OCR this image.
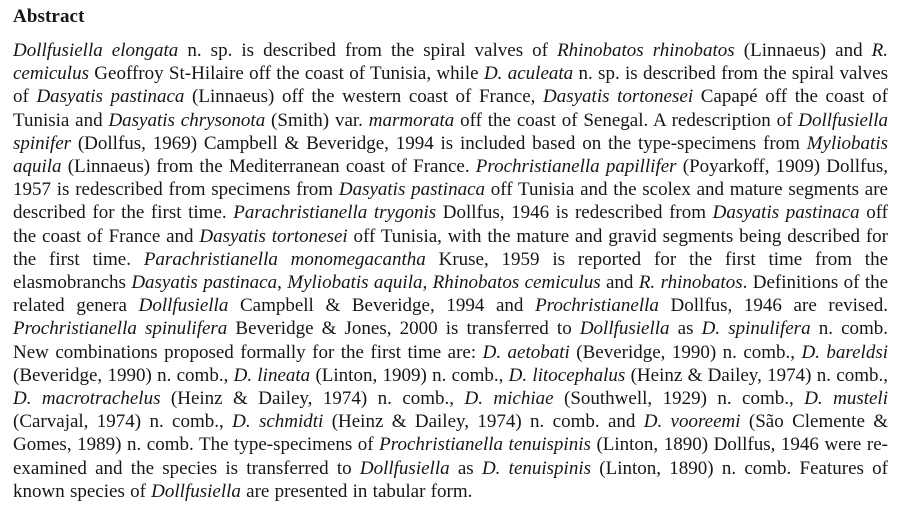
Abstract

Dollfusiella elongata n. sp. is described from the spiral valves of Rhinobatos rhinobatos (Linnaeus) and R. cemiculus Geoffroy St-Hilaire off the coast of Tunisia, while D. aculeata n. sp. is described from the spiral valves of Dasyatis pastinaca (Linnaeus) off the western coast of France, Dasyatis tortonesei Capapé off the coast of Tunisia and Dasyatis chrysonota (Smith) var. marmorata off the coast of Senegal. A redescription of Dollfusiella spinifer (Dollfus, 1969) Campbell & Beveridge, 1994 is included based on the type-specimens from Myliobatis aquila (Linnaeus) from the Mediterranean coast of France. Prochristianella papillifer (Poyarkoff, 1909) Dollfus, 1957 is redescribed from specimens from Dasyatis pastinaca off Tunisia and the scolex and mature segments are described for the first time. Parachristianella trygonis Dollfus, 1946 is redescribed from Dasyatis pastinaca off the coast of France and Dasyatis tortonesei off Tunisia, with the mature and gravid segments being described for the first time. Parachristianella monomegacantha Kruse, 1959 is reported for the first time from the elasmobranchs Dasyatis pastinaca, Myliobatis aquila, Rhinobatos cemiculus and R. rhinobatos. Definitions of the related genera Dollfusiella Campbell & Beveridge, 1994 and Prochristianella Dollfus, 1946 are revised. Prochristianella spinulifera Beveridge & Jones, 2000 is transferred to Dollfusiella as D. spinulifera n. comb. New combinations proposed formally for the first time are: D. aetobati (Beveridge, 1990) n. comb., D. bareldsi (Beveridge, 1990) n. comb., D. lineata (Linton, 1909) n. comb., D. litocephalus (Heinz & Dailey, 1974) n. comb., D. macrotrachelus (Heinz & Dailey, 1974) n. comb., D. michiae (Southwell, 1929) n. comb., D. musteli (Carvajal, 1974) n. comb., D. schmidti (Heinz & Dailey, 1974) n. comb. and D. vooreemi (São Clemente & Gomes, 1989) n. comb. The type-specimens of Prochristianella tenuispinis (Linton, 1890) Dollfus, 1946 were re-examined and the species is transferred to Dollfusiella as D. tenuispinis (Linton, 1890) n. comb. Features of known species of Dollfusiella are presented in tabular form.
